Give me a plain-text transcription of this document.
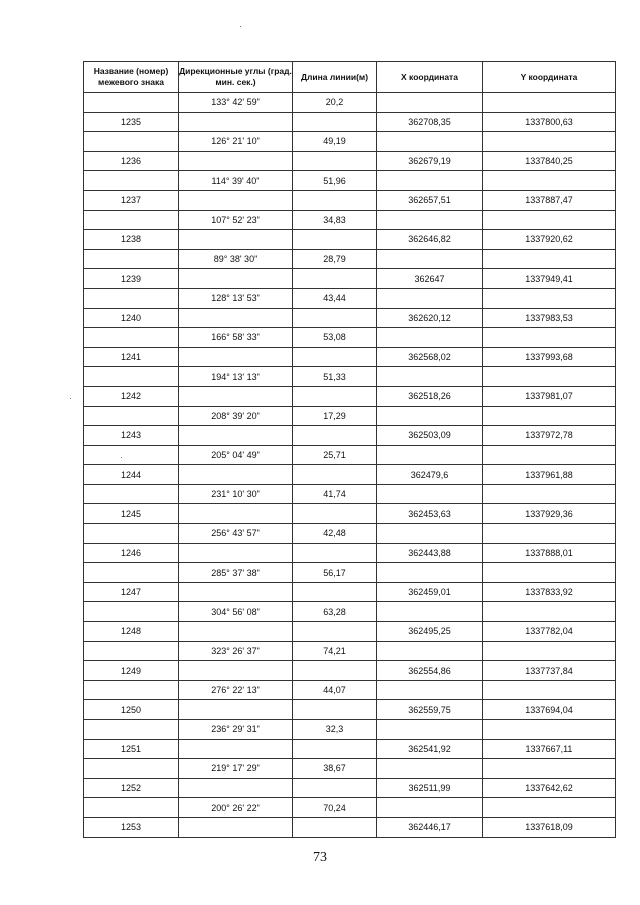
Название (номер) межевого знака	Дирекционные углы (град. мин. сек.)	Длина линии(м)	X координата	Y координата
	133° 42' 59"	20,2		
1235			362708,35	1337800,63
	126° 21' 10"	49,19		
1236			362679,19	1337840,25
	114° 39' 40"	51,96		
1237			362657,51	1337887,47
	107° 52' 23"	34,83		
1238			362646,82	1337920,62
	89° 38' 30"	28,79		
1239			362647	1337949,41
	128° 13' 53"	43,44		
1240			362620,12	1337983,53
	166° 58' 33"	53,08		
1241			362568,02	1337993,68
	194° 13' 13"	51,33		
1242			362518,26	1337981,07
	208° 39' 20"	17,29		
1243			362503,09	1337972,78
	205° 04' 49"	25,71		
1244			362479,6	1337961,88
	231° 10' 30"	41,74		
1245			362453,63	1337929,36
	256° 43' 57"	42,48		
1246			362443,88	1337888,01
	285° 37' 38"	56,17		
1247			362459,01	1337833,92
	304° 56' 08"	63,28		
1248			362495,25	1337782,04
	323° 26' 37"	74,21		
1249			362554,86	1337737,84
	276° 22' 13"	44,07		
1250			362559,75	1337694,04
	236° 29' 31"	32,3		
1251			362541,92	1337667,11
	219° 17' 29"	38,67		
1252			362511,99	1337642,62
	200° 26' 22"	70,24		
1253			362446,17	1337618,09
73
